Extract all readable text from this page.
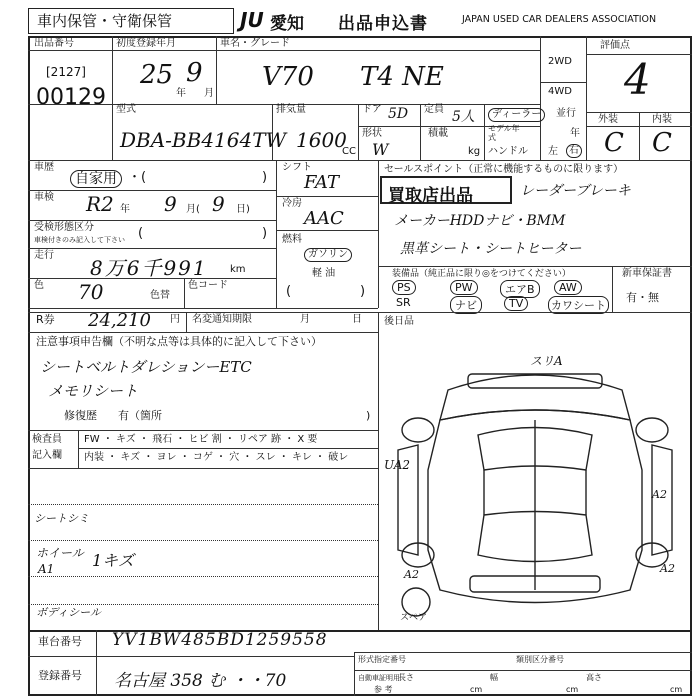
車内保管・守衛保管	JU 愛知 出品申込書	JAPAN USED CAR DEALERS ASSOCIATION
出品番号
[2127]
00129
初度登録年月
25
年
9
月
車名・グレード
V70 T4 NE
2WD
4WD
評価点
4
外装	内装
C C
型式
DBA-BB4164TW
排気量
1600
CC
ドア 5D 定員 5人
形状
W
積載
kg
ディーラー	並行
モデル年式	年
ハンドル 左	右
車歴
自家用 ・(	)
車検 R2 年 9 月( 9 日)
受検形態区分
車検付きのみ記入して下さい (	)
走行
8万6千991 km
色 70	色替
色コード
シフト
FAT
冷房
AAC
燃料
ガソリン
軽 油
(	)
セールスポイント（正常に機能するものに限ります）
買取店出品	レーダーブレーキ
メーカーHDDナビ・BMM
黒革シート・シートヒーター
装備品（純正品に限り◎をつけてください）
PS	PW	エアB	AW
SR	ナビ	TV	カワシート
新車保証書
有・無
R券 24,210 円 名変通知期限	月	日 後日品
注意事項申告欄（不明な点等は具体的に記入して下さい）
シートベルトダレションーETC
メモリシート
修復歴 有（箇所	)
検査員
記入欄
FW ・ キズ ・ 飛石 ・ ヒビ 割 ・ リペア 跡 ・ X 要
内装 ・ キズ ・ ヨレ ・ コゲ ・ 穴 ・ スレ ・ キレ ・ 破レ
シートシミ
ホイール
A1 1キズ
ボディシール
スリA
UA2
A2
A2
A2
スペア
車台番号 YV1BW485BD1259558
登録番号 名古屋 358 む ・・70
形式指定番号	類別区分番号
自動車証明用
長さ
cm
幅
cm
高さ
cm
参 考
